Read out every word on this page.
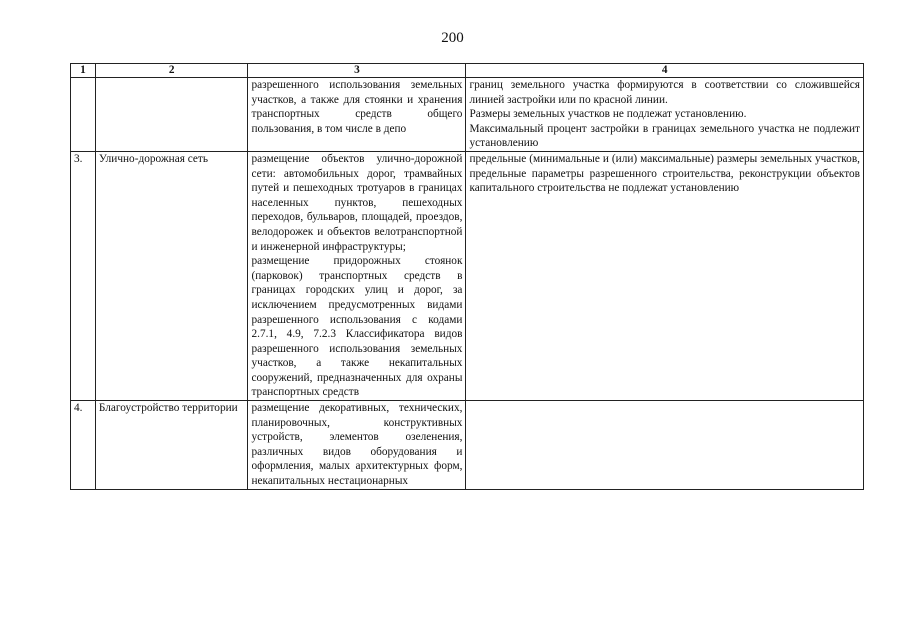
200
1	2	3	4

		разрешенного использования земельных участков, а также для стоянки и хранения транспортных средств общего пользования, в том числе в депо	границ земельного участка формируются в соответствии со сложившейся линией застройки или по красной линии.
Размеры земельных участков не подлежат установлению.
Максимальный процент застройки в границах земельного участка не подлежит установлению

3.	Улично-дорожная сеть	размещение объектов улично-дорожной сети: автомобильных дорог, трамвайных путей и пешеходных тротуаров в границах населенных пунктов, пешеходных переходов, бульваров, площадей, проездов, велодорожек и объектов велотранспортной и инженерной инфраструктуры;
размещение придорожных стоянок (парковок) транспортных средств в границах городских улиц и дорог, за исключением предусмотренных видами разрешенного использования с кодами 2.7.1, 4.9, 7.2.3 Классификатора видов разрешенного использования земельных участков, а также некапитальных сооружений, предназначенных для охраны транспортных средств	предельные (минимальные и (или) максимальные) размеры земельных участков, предельные параметры разрешенного строительства, реконструкции объектов капитального строительства не подлежат установлению

4.	Благоустройство территории	размещение декоративных, технических, планировочных, конструктивных устройств, элементов озеленения, различных видов оборудования и оформления, малых архитектурных форм, некапитальных нестационарных	
